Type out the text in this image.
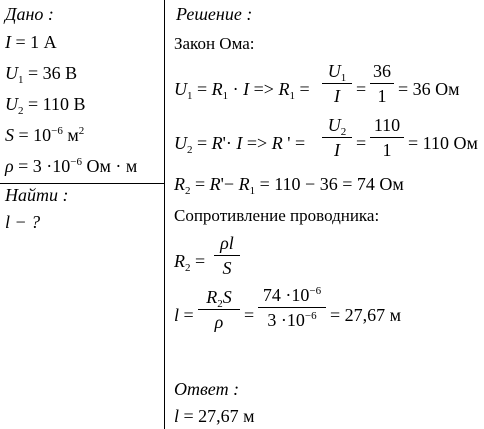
Дано :
I = 1 А
$U_1 = 36$ В
$U_2 = 110$ В
$S = 10^{-6}$ $м^2$
$\rho = 3 \cdot 10^{-6}$ Ом · м
Найти :
l − ?
Решение :
Закон Ома:
$U_1 = R_1 \cdot I => R_1$ =
$U_1$
I =
36
1 = 36 Ом
$U_2 = R'\cdot I => R$ ' =
$U_2$
I =
110
1 = 110 Ом
$R_2 = R'- R_1 = 110 - 36 = 74$ Ом
Сопротивление проводника:
$R_2$ =
ρl
S
l =
$R_2S$
ρ	=
$74 \cdot 10^{-6}$
$3 \cdot 10^{-6} = 27,67$ м
Ответ :
l = 27,67 м
